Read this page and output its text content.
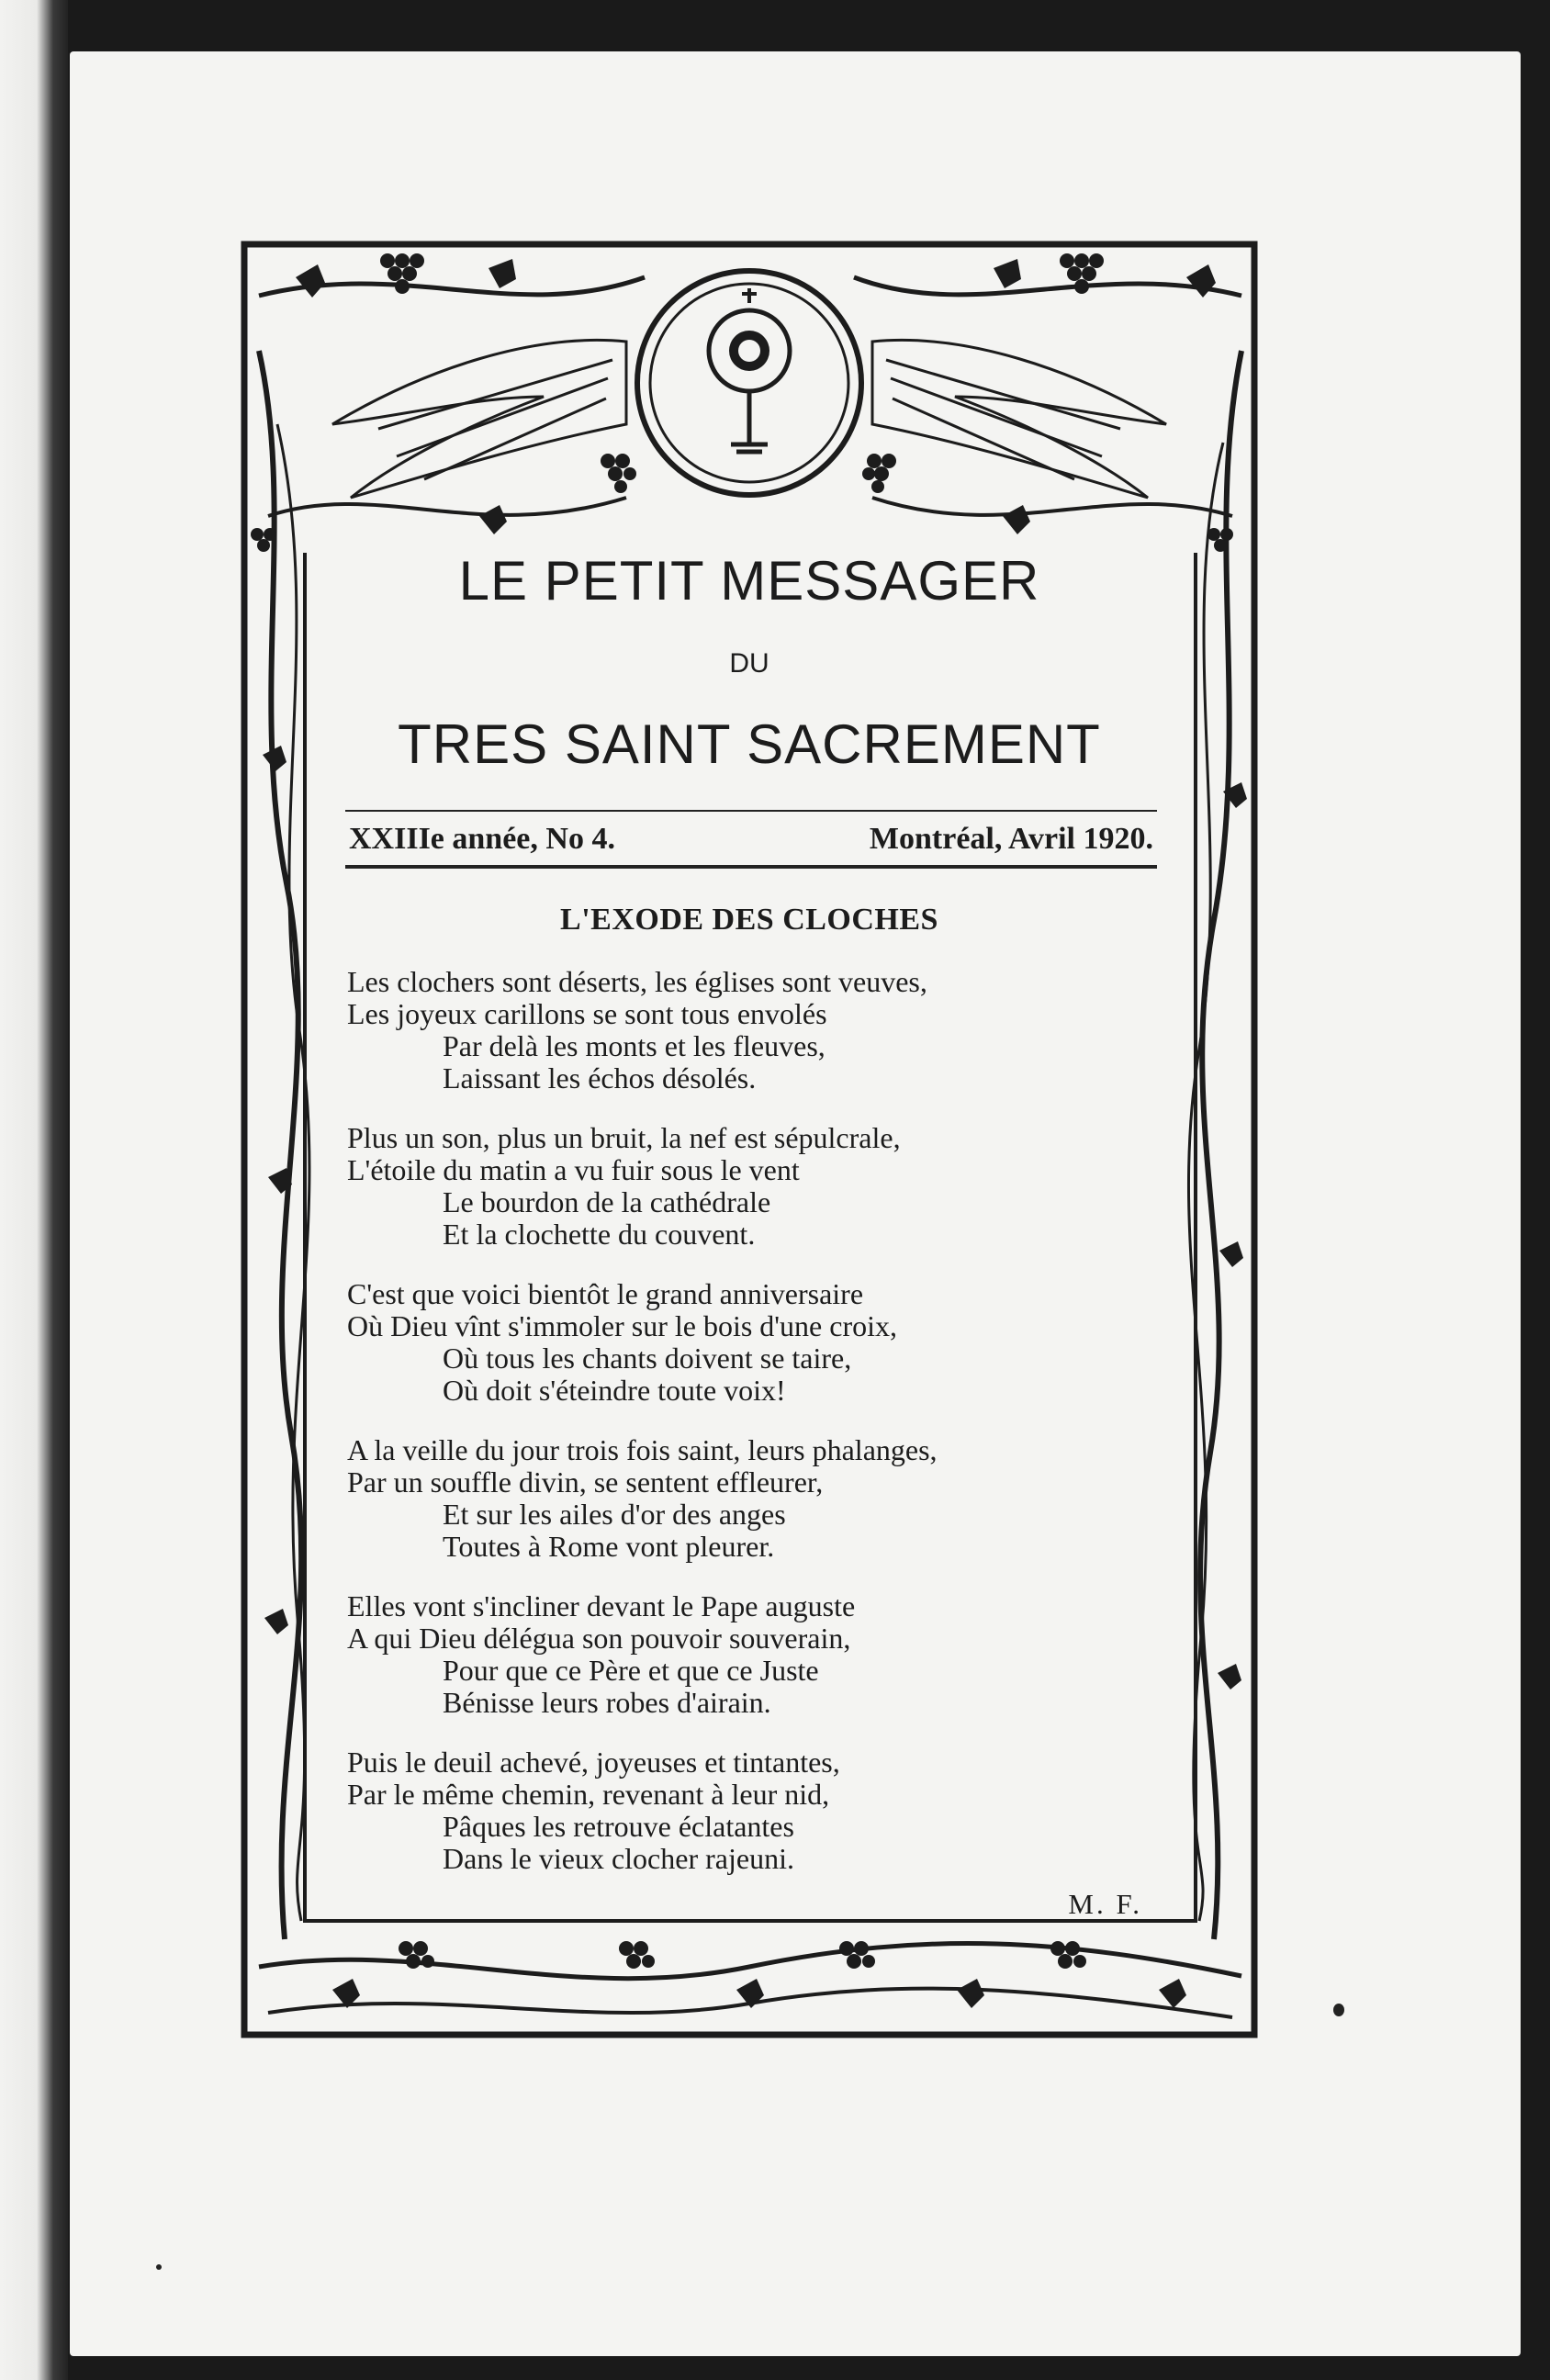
LE PETIT MESSAGER
DU
TRES SAINT SACREMENT
XXIIIe année, No 4.	Montréal, Avril 1920.
L'EXODE DES CLOCHES
Les clochers sont déserts, les églises sont veuves,
Les joyeux carillons se sont tous envolés
Par delà les monts et les fleuves,
Laissant les échos désolés.
Plus un son, plus un bruit, la nef est sépulcrale,
L'étoile du matin a vu fuir sous le vent
Le bourdon de la cathédrale
Et la clochette du couvent.
C'est que voici bientôt le grand anniversaire
Où Dieu vînt s'immoler sur le bois d'une croix,
Où tous les chants doivent se taire,
Où doit s'éteindre toute voix!
A la veille du jour trois fois saint, leurs phalanges,
Par un souffle divin, se sentent effleurer,
Et sur les ailes d'or des anges
Toutes à Rome vont pleurer.
Elles vont s'incliner devant le Pape auguste
A qui Dieu délégua son pouvoir souverain,
Pour que ce Père et que ce Juste
Bénisse leurs robes d'airain.
Puis le deuil achevé, joyeuses et tintantes,
Par le même chemin, revenant à leur nid,
Pâques les retrouve éclatantes
Dans le vieux clocher rajeuni.
M. F.
